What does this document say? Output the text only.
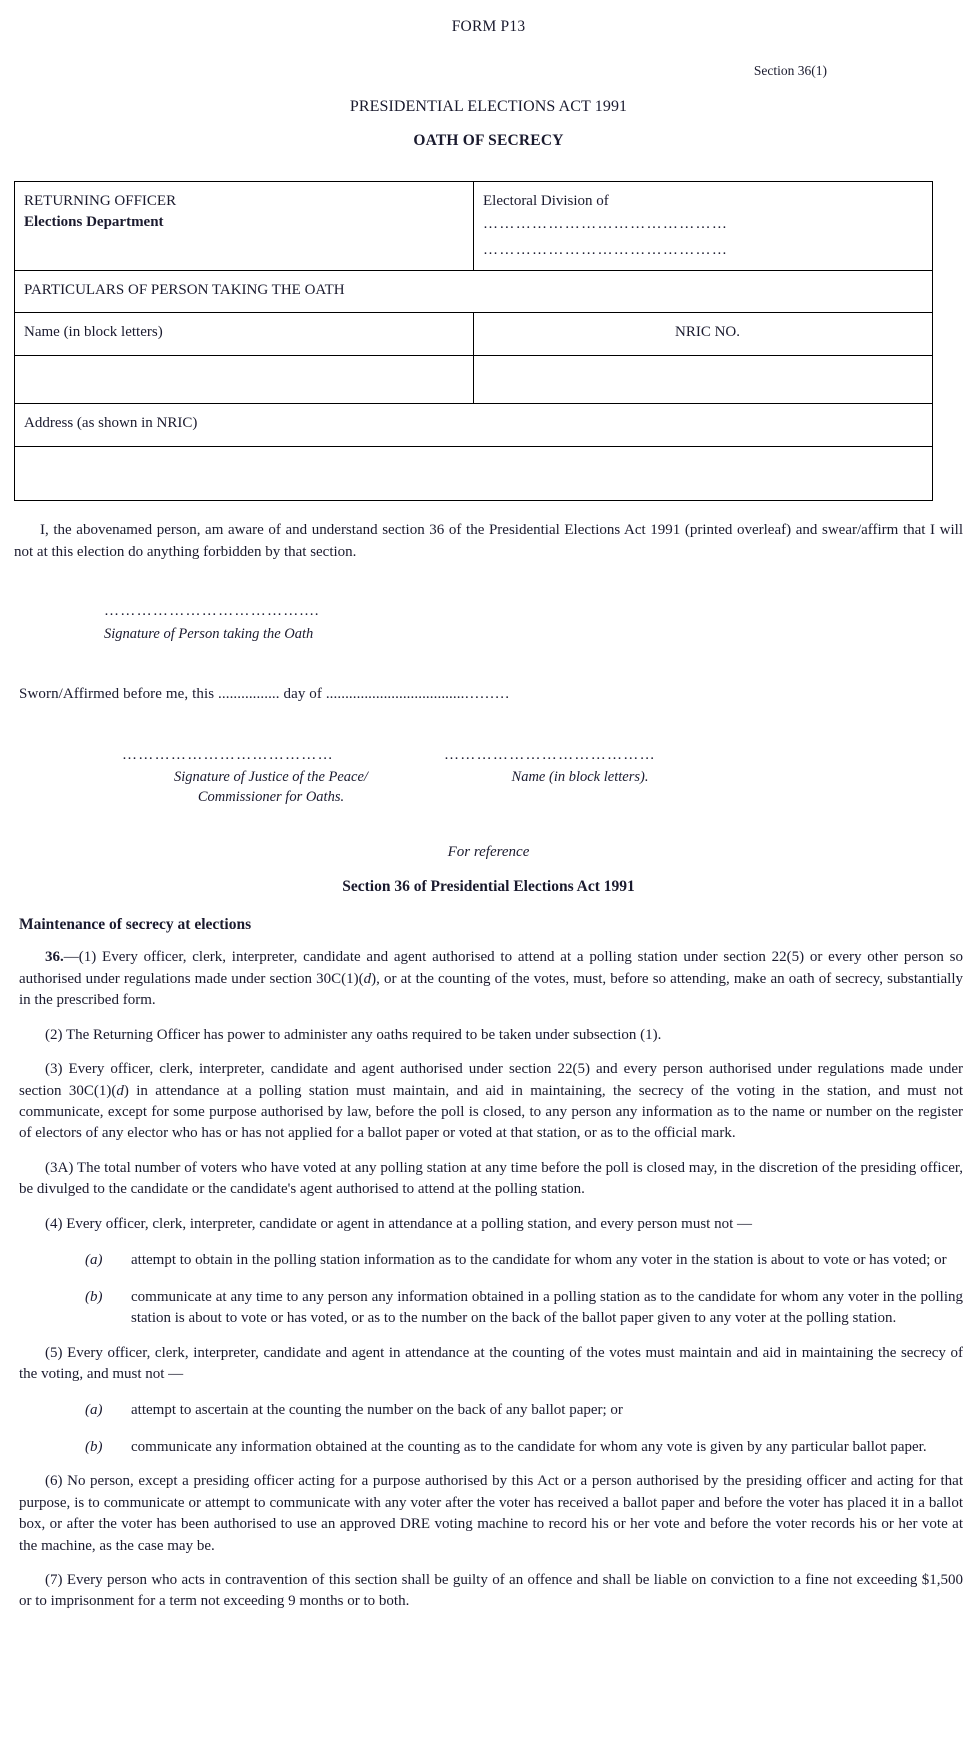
FORM P13
Section 36(1)
PRESIDENTIAL ELECTIONS ACT 1991
OATH OF SECRECY
RETURNING OFFICER
Elections Department

Electoral Division of
………………………………………
………………………………………

PARTICULARS OF PERSON TAKING THE OATH	
Name (in block letters)	NRIC NO.

Address (as shown in NRIC)	

I, the abovenamed person, am aware of and understand section 36 of the Presidential Elections Act 1991 (printed overleaf) and swear/affirm that I will not at this election do anything forbidden by that section.
………………………………....
Signature of Person taking the Oath
Sworn/Affirmed before me, this ................ day of ....................................………
…………………………………
Signature of Justice of the Peace/
Commissioner for Oaths.
…………………………………
Name (in block letters).
For reference
Section 36 of Presidential Elections Act 1991
Maintenance of secrecy at elections
36.—(1) Every officer, clerk, interpreter, candidate and agent authorised to attend at a polling station under section 22(5) or every other person so authorised under regulations made under section 30C(1)(d), or at the counting of the votes, must, before so attending, make an oath of secrecy, substantially in the prescribed form.
(2) The Returning Officer has power to administer any oaths required to be taken under subsection (1).
(3) Every officer, clerk, interpreter, candidate and agent authorised under section 22(5) and every person authorised under regulations made under section 30C(1)(d) in attendance at a polling station must maintain, and aid in maintaining, the secrecy of the voting in the station, and must not communicate, except for some purpose authorised by law, before the poll is closed, to any person any information as to the name or number on the register of electors of any elector who has or has not applied for a ballot paper or voted at that station, or as to the official mark.
(3A) The total number of voters who have voted at any polling station at any time before the poll is closed may, in the discretion of the presiding officer, be divulged to the candidate or the candidate's agent authorised to attend at the polling station.
(4) Every officer, clerk, interpreter, candidate or agent in attendance at a polling station, and every person must not —
(a)	attempt to obtain in the polling station information as to the candidate for whom any voter in the station is about to vote or has voted; or
(b)	communicate at any time to any person any information obtained in a polling station as to the candidate for whom any voter in the polling station is about to vote or has voted, or as to the number on the back of the ballot paper given to any voter at the polling station.
(5) Every officer, clerk, interpreter, candidate and agent in attendance at the counting of the votes must maintain and aid in maintaining the secrecy of the voting, and must not —
(a)	attempt to ascertain at the counting the number on the back of any ballot paper; or
(b)	communicate any information obtained at the counting as to the candidate for whom any vote is given by any particular ballot paper.
(6) No person, except a presiding officer acting for a purpose authorised by this Act or a person authorised by the presiding officer and acting for that purpose, is to communicate or attempt to communicate with any voter after the voter has received a ballot paper and before the voter has placed it in a ballot box, or after the voter has been authorised to use an approved DRE voting machine to record his or her vote and before the voter records his or her vote at the machine, as the case may be.
(7) Every person who acts in contravention of this section shall be guilty of an offence and shall be liable on conviction to a fine not exceeding $1,500 or to imprisonment for a term not exceeding 9 months or to both.
